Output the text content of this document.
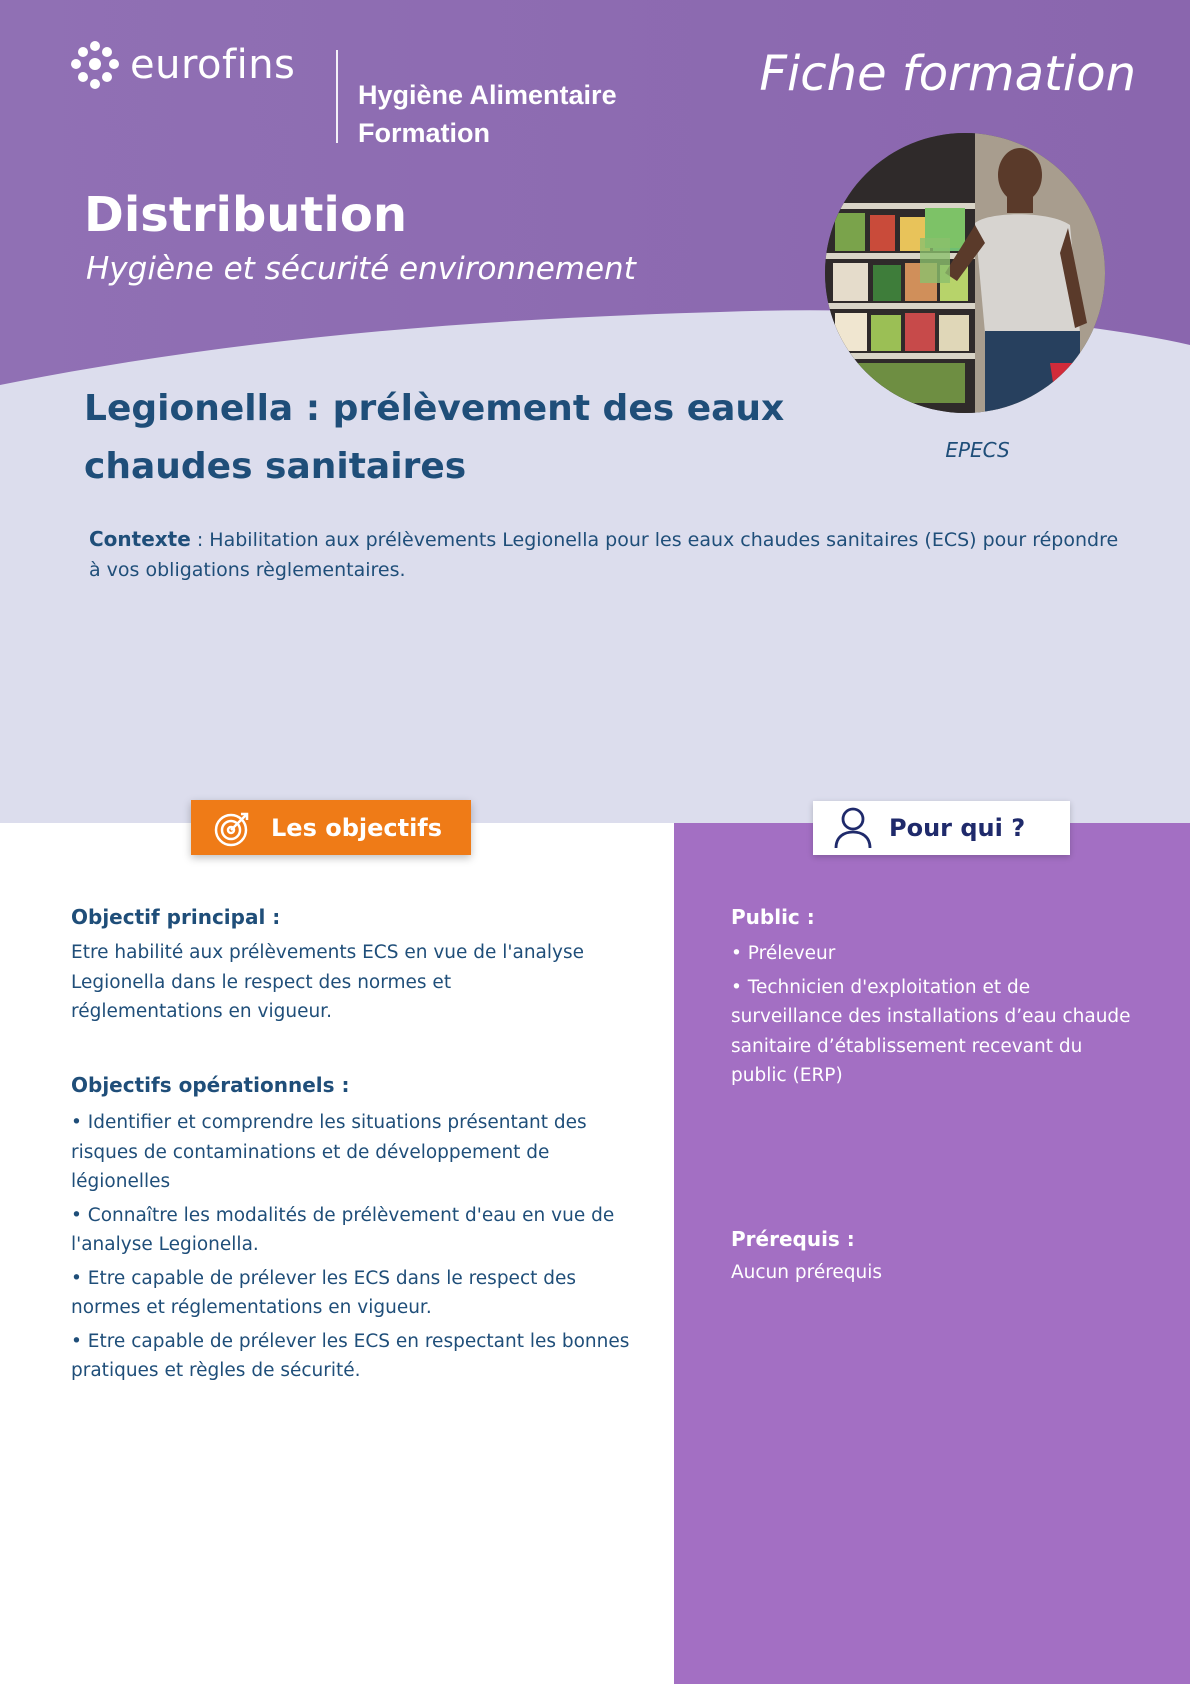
eurofins
Hygiène Alimentaire
Formation
Fiche formation
Distribution
Hygiène et sécurité environnement
EPECS
Legionella : prélèvement des eaux
chaudes sanitaires
Contexte : Habilitation aux prélèvements Legionella pour les eaux chaudes sanitaires (ECS) pour répondre à vos obligations règlementaires.
Les objectifs	Pour qui ?
Objectif principal :

Etre habilité aux prélèvements ECS en vue de l'analyse Legionella dans le respect des normes et réglementations en vigueur.

Objectifs opérationnels :
• Identifier et comprendre les situations présentant des risques de contaminations et de développement de légionelles
• Connaître les modalités de prélèvement d'eau en vue de l'analyse Legionella.
• Etre capable de prélever les ECS dans le respect des normes et réglementations en vigueur.
• Etre capable de prélever les ECS en respectant les bonnes pratiques et règles de sécurité.
Public :
• Préleveur
• Technicien d'exploitation et de surveillance des installations d’eau chaude sanitaire d’établissement recevant du public (ERP)
Prérequis :

Aucun prérequis
